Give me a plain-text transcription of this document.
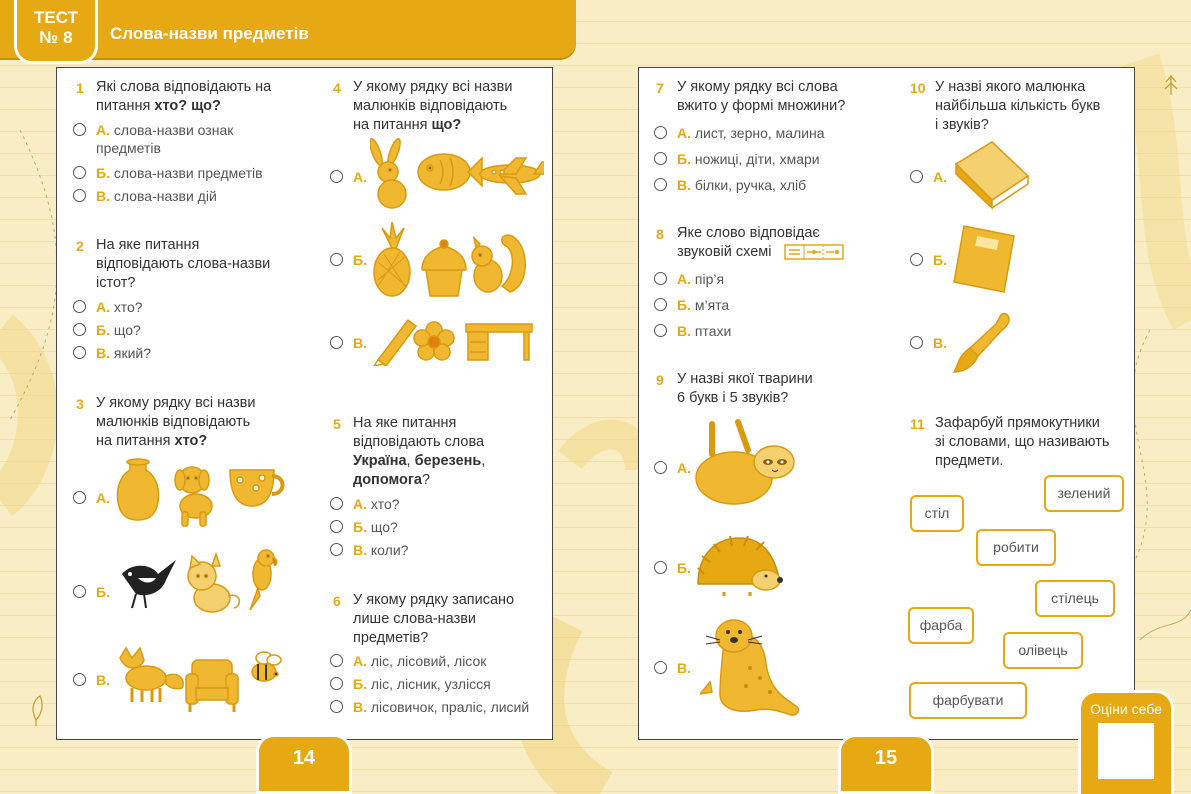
Слова-назви предметів
ТЕСТ
№ 8
1 Які слова відповідають на питання хто? що?
А. слова-назви ознак
предметів
Б. слова-назви предметів
В. слова-назви дій
2 На яке питання
відповідають слова-назви
істот?
А. хто?
Б. що?
В. який?
3 У якому рядку всі назви
малюнків відповідають
на питання хто?
А.
Б.
В.
4 У якому рядку всі назви
малюнків відповідають
на питання що?
А.
Б.
В.
5 На яке питання
відповідають слова
Україна, березень,
допомога?
А. хто?
Б. що?
В. коли?
6 У якому рядку записано
лише слова-назви
предметів?
А. ліс, лісовий, лісок
Б. ліс, лісник, узлісся
В. лісовичок, праліс, лисий
7 У якому рядку всі слова
вжито у формі множини?
А. лист, зерно, малина
Б. ножиці, діти, хмари
В. білки, ручка, хліб
8 Яке слово відповідає
звуковій схемі
А. пір’я
Б. м’ята
В. птахи
9 У назві якої тварини
6 букв і 5 звуків?
А.
Б.
В.
10 У назві якого малюнка
найбільша кількість букв
і звуків?
А.
Б.
В.
11 Зафарбуй прямокутники
зі словами, що називають
предмети.
зелений
стіл
робити
стілець
фарба
олівець
фарбувати
14	15
Оціни себе
